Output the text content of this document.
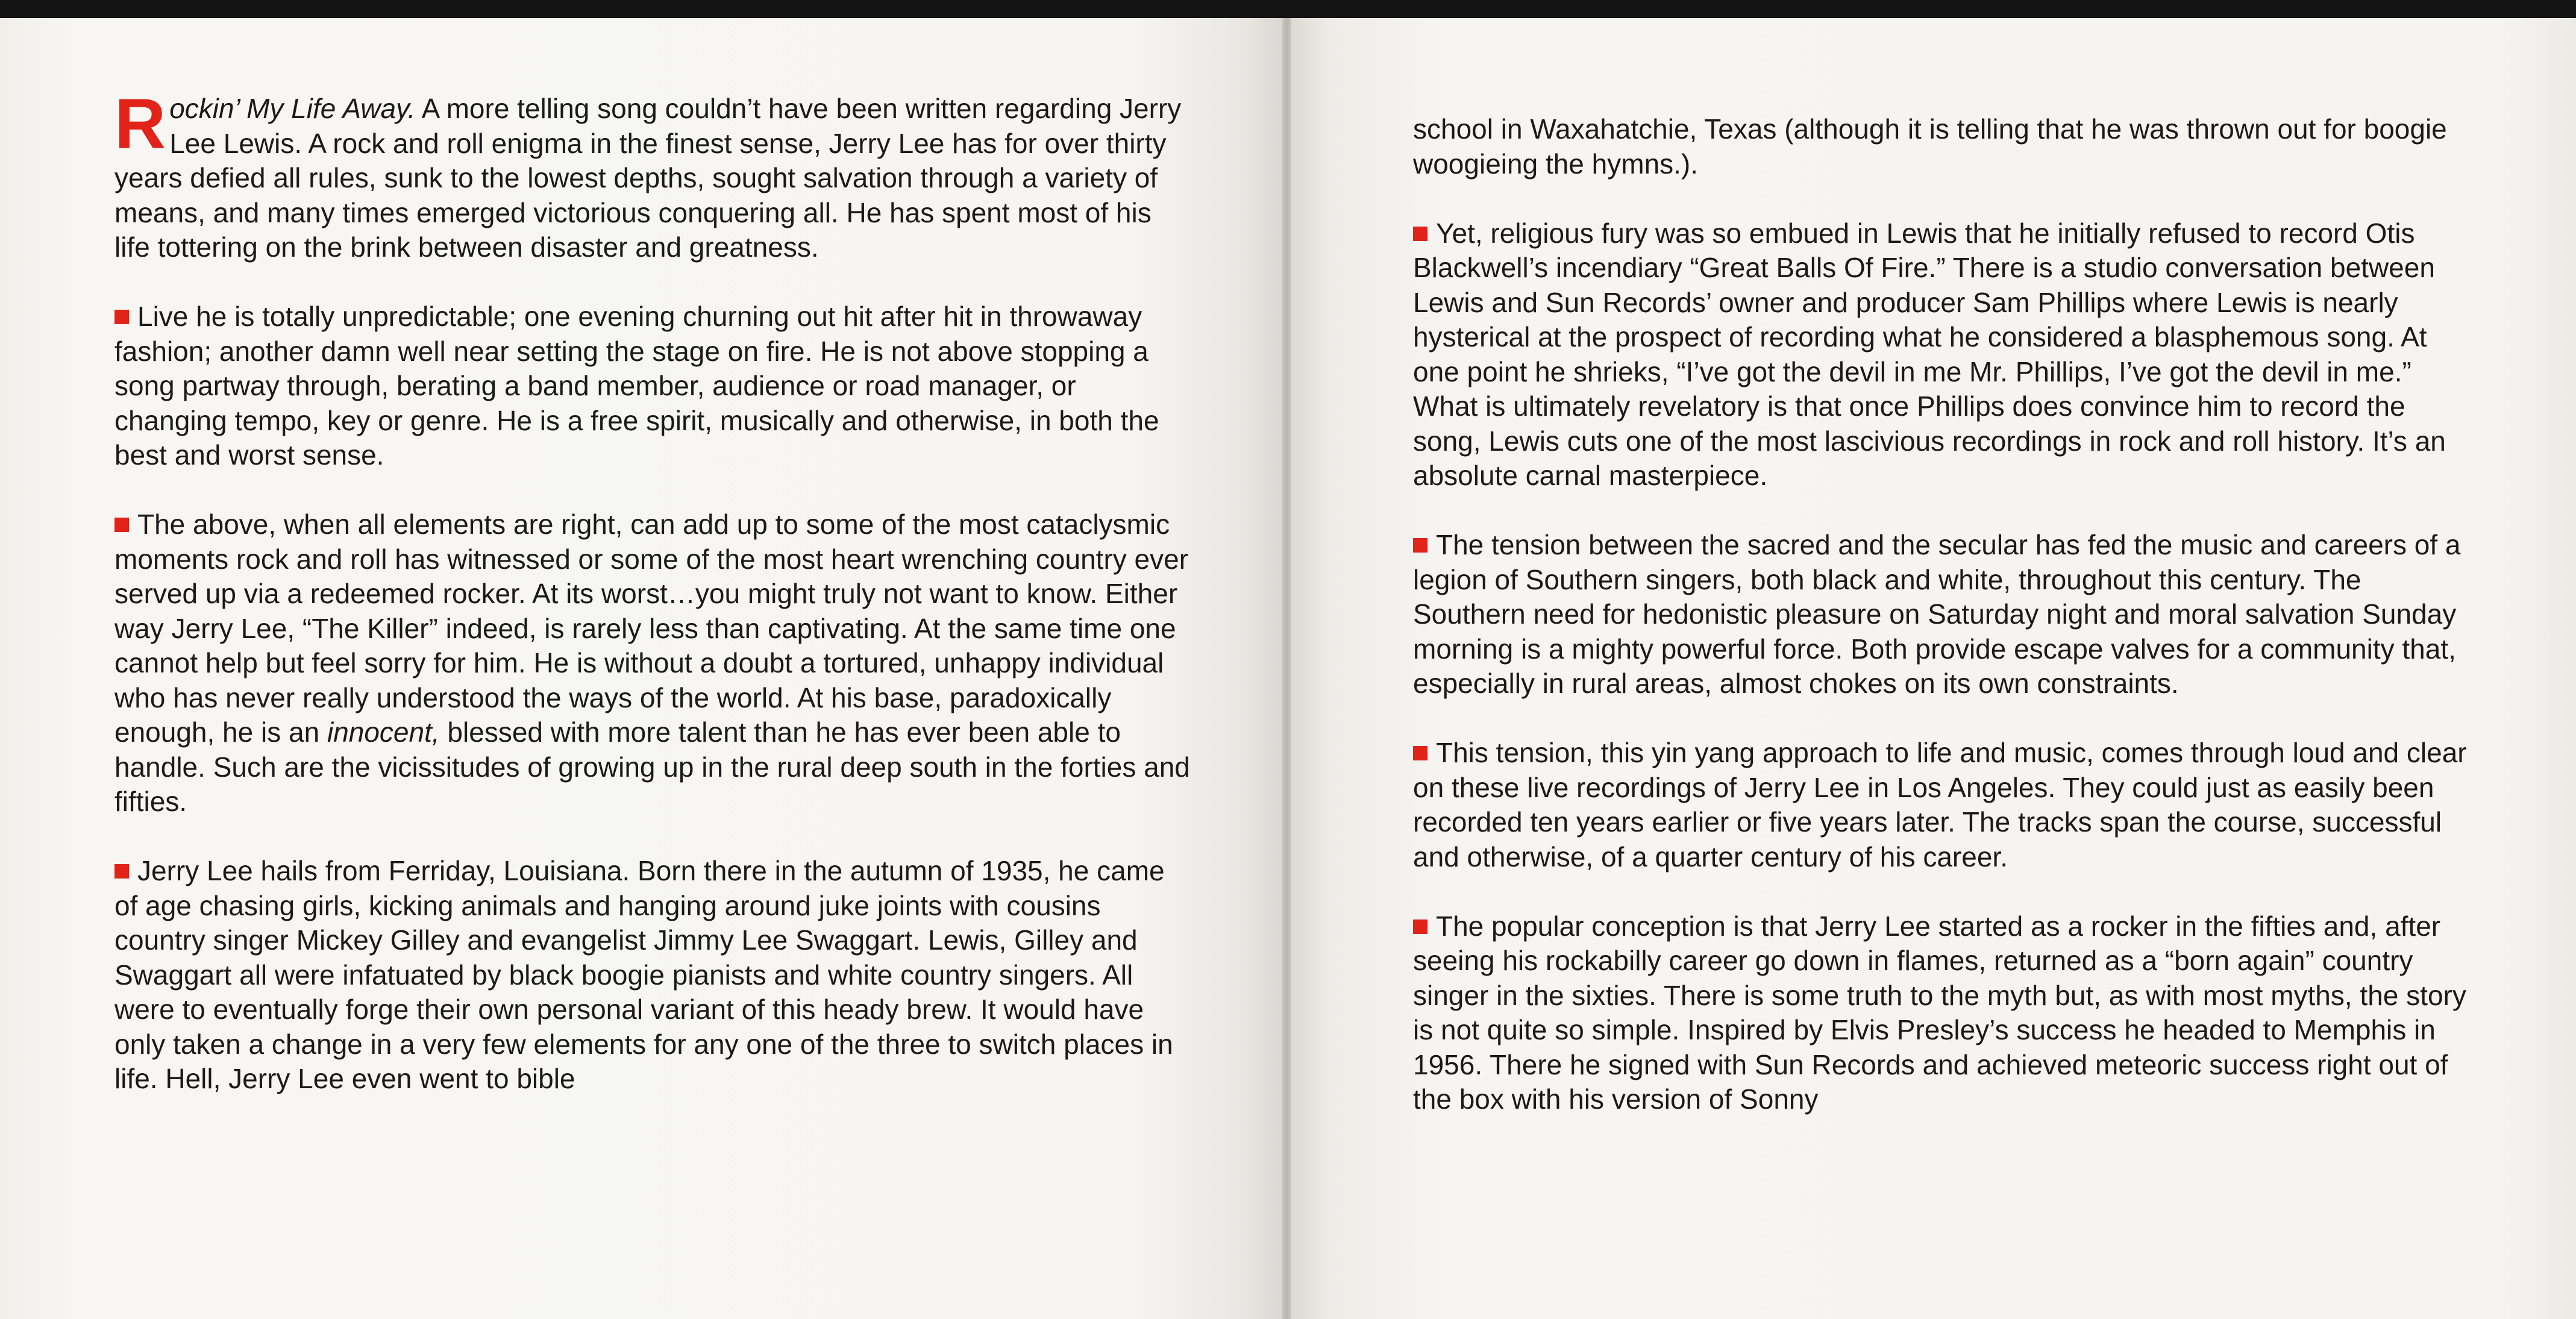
Rockin’ My Life Away. A more telling song couldn’t have been written regarding Jerry Lee Lewis. A rock and roll enigma in the finest sense, Jerry Lee has for over thirty years defied all rules, sunk to the lowest depths, sought salvation through a variety of means, and many times emerged victorious conquering all. He has spent most of his life tottering on the brink between disaster and greatness.

Live he is totally unpredictable; one evening churning out hit after hit in throwaway fashion; another damn well near setting the stage on fire. He is not above stopping a song partway through, berating a band member, audience or road manager, or changing tempo, key or genre. He is a free spirit, musically and otherwise, in both the best and worst sense.

The above, when all elements are right, can add up to some of the most cataclysmic moments rock and roll has witnessed or some of the most heart wrenching country ever served up via a redeemed rocker. At its worst…you might truly not want to know. Either way Jerry Lee, “The Killer” indeed, is rarely less than captivating. At the same time one cannot help but feel sorry for him. He is without a doubt a tortured, unhappy individual who has never really understood the ways of the world. At his base, paradoxically enough, he is an innocent, blessed with more talent than he has ever been able to handle. Such are the vicissitudes of growing up in the rural deep south in the forties and fifties.

Jerry Lee hails from Ferriday, Louisiana. Born there in the autumn of 1935, he came of age chasing girls, kicking animals and hanging around juke joints with cousins country singer Mickey Gilley and evangelist Jimmy Lee Swaggart. Lewis, Gilley and Swaggart all were infatuated by black boogie pianists and white country singers. All were to eventually forge their own personal variant of this heady brew. It would have only taken a change in a very few elements for any one of the three to switch places in life. Hell, Jerry Lee even went to bible

school in Waxahatchie, Texas (although it is telling that he was thrown out for boogie woogieing the hymns.).

Yet, religious fury was so embued in Lewis that he initially refused to record Otis Blackwell’s incendiary “Great Balls Of Fire.” There is a studio conversation between Lewis and Sun Records’ owner and producer Sam Phillips where Lewis is nearly hysterical at the prospect of recording what he considered a blasphemous song. At one point he shrieks, “I’ve got the devil in me Mr. Phillips, I’ve got the devil in me.” What is ultimately revelatory is that once Phillips does convince him to record the song, Lewis cuts one of the most lascivious recordings in rock and roll history. It’s an absolute carnal masterpiece.

The tension between the sacred and the secular has fed the music and careers of a legion of Southern singers, both black and white, throughout this century. The Southern need for hedonistic pleasure on Saturday night and moral salvation Sunday morning is a mighty powerful force. Both provide escape valves for a community that, especially in rural areas, almost chokes on its own constraints.

This tension, this yin yang approach to life and music, comes through loud and clear on these live recordings of Jerry Lee in Los Angeles. They could just as easily been recorded ten years earlier or five years later. The tracks span the course, successful and otherwise, of a quarter century of his career.

The popular conception is that Jerry Lee started as a rocker in the fifties and, after seeing his rockabilly career go down in flames, returned as a “born again” country singer in the sixties. There is some truth to the myth but, as with most myths, the story is not quite so simple. Inspired by Elvis Presley’s success he headed to Memphis in 1956. There he signed with Sun Records and achieved meteoric success right out of the box with his version of Sonny
